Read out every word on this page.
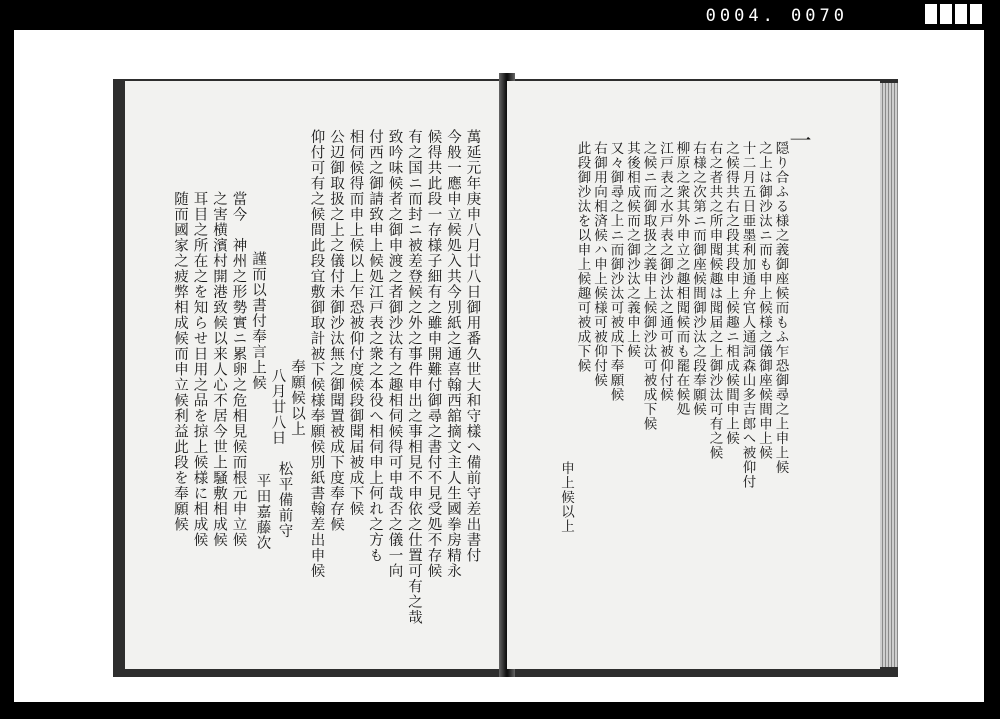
0004. 0070
萬延元年庚申八月廿八日御用番久世大和守樣へ備前守差出書付
今般一應申立候処入共今別紙之通喜翰西舘摘文主人生國拳房精永
候得共此段一存様子細有之雖申開難付御尋之書付不見受処不存候
有之国ニ而封ニ被差登候之外之事件申出之事相見不申依之仕置可有之哉
致吟味候者之御申渡之者御沙汰有之趣相伺候得可申哉否之儀一向
付西之御請致申上候処江戸表之衆之本役へ相伺申上何れ之方も
相伺候得而申上候以上乍恐被仰付度候段御聞届被成下候
公辺御取扱之上之儀付未御沙汰無之御聞置被成下度奉存候
仰付可有之候間此段宜敷御取計被下候様奉願候別紙書翰差出申候
奉願候以上
八月廿八日
謹而以書付奉言上候
當今　神州之形勢實ニ累卵之危相見候而根元申立候
之害横濱村開港致候以来人心不居今世上騒敷相成候
耳目之所在之を知らせ日用之品を掠上候様に相成候
随而國家之疲弊相成候而申立候利益此段を奉願候	松平備前守
平田嘉藤次
隠り合ふる様之義御座候而もふ乍恐御尋之上申上候
之上は御沙汰ニ而も申上候様之儀御座候間申上候
十二月五日亜墨利加通弁官人通詞森山多吉郎へ被仰付
之候得共右之段其段申上候趣ニ相成候間申上候
右之者共之所申聞候趣は聞届之上御沙汰可有之候
右様之次第ニ而御座候間御沙汰之段奉願候
柳原之衆其外申立之趣相聞候而も罷在候処
江戸表之水戸表之御沙汰之通可被仰付候
之候ニ而御取扱之義申上候御沙汰可被成下候
其後相成候而之御沙汰之義申上候
又々御尋之上ニ而御沙汰可被成下奉願候
右御用向相済候ハ申上候様可被仰付候
此段御沙汰を以申上候趣可被成下候
申上候以上
一
